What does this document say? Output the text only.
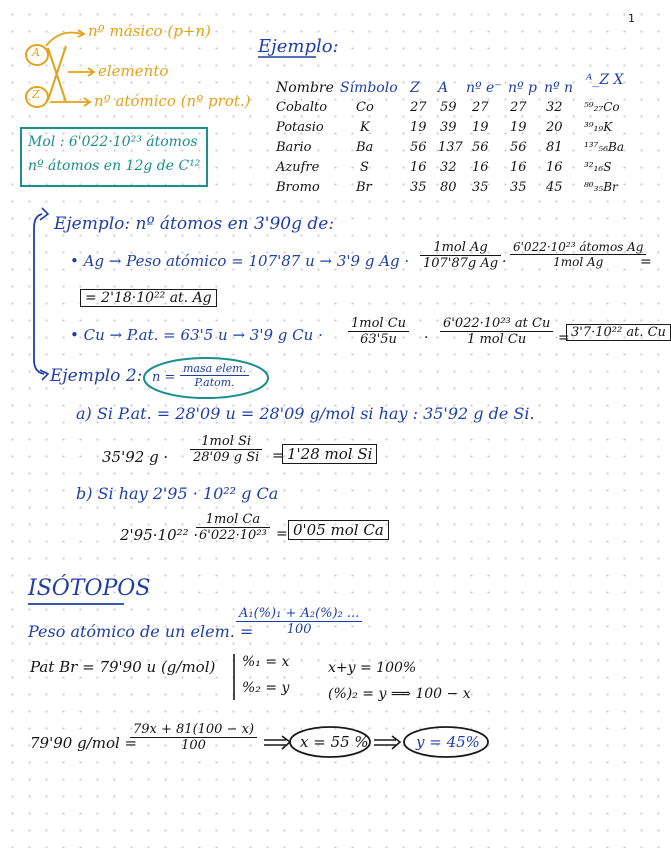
1
A
Z
nº másico (p+n)
elemento
nº atómico (nº prot.)
Mol : 6'022·10²³ átomos
nº átomos en 12g de C¹²
Ejemplo:
Nombre Símbolo Z A nº e⁻ nº p nº n ᴬ_Z X
Cobalto Co	27 59 27 27 32 ⁵⁹₂₇Co
Potasio	K	19 39 19 19 20 ³⁹₁₉K
Bario	Ba	56 137 56 56 81 ¹³⁷₅₆Ba
Azufre	S	16 32 16 16 16 ³²₁₆S
Bromo	Br	35 80 35 35 45 ⁸⁰₃₅Br
Ejemplo: nº átomos en 3'90g de:
• Ag → Peso atómico = 107'87 u → 3'9 g Ag ·
1mol Ag
107'87g Ag ·
6'022·10²³ átomos Ag
1mol Ag	=
= 2'18·10²² at. Ag
• Cu → P.at. = 63'5 u → 3'9 g Cu ·
1mol Cu
63'5u	·
6'022·10²³ at Cu
1 mol Cu	= 3'7·10²² at. Cu
Ejemplo 2: n =
masa elem.
P.atom.
a) Si P.at. = 28'09 u = 28'09 g/mol si hay : 35'92 g de Si.
35'92 g ·
1mol Si
28'09 g Si = 1'28 mol Si
b) Si hay 2'95 · 10²² g Ca
2'95·10²² ·
1mol Ca
6'022·10²³ = 0'05 mol Ca
ISÓTOPOS
Peso atómico de un elem. =
$\frac{\text{A₁(\%)₁ + A₂(\%)₂ ...}}{100}$
Pat Br = 79'90 u (g/mol) %₁ = x
%₂ = y
x+y = 100%
(%)₂ = y ⟹ 100 − x
79'90 g/mol =
$\frac{79x + 81(100 - x)}{100}$	x = 55 %	y = 45%
